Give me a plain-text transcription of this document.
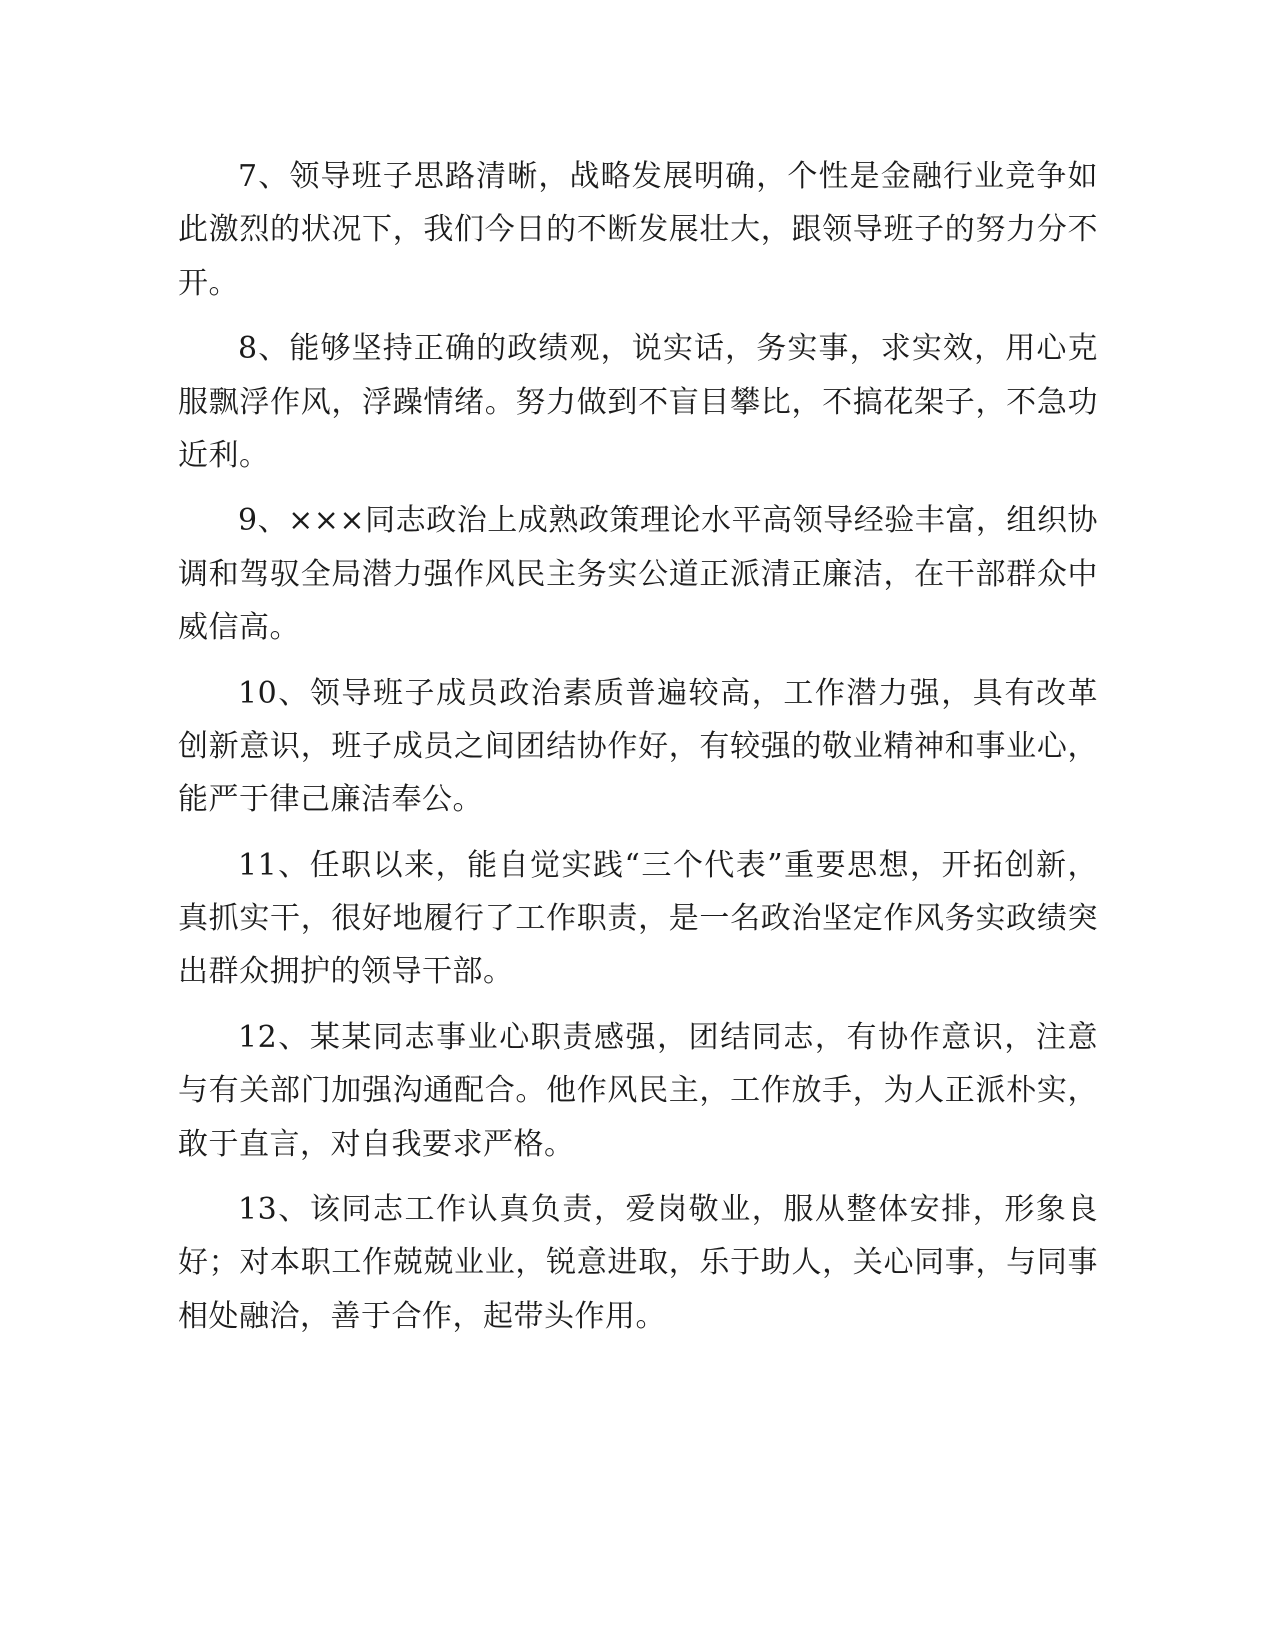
7、领导班子思路清晰，战略发展明确，个性是金融行业竞争如此激烈的状况下，我们今日的不断发展壮大，跟领导班子的努力分不开。

8、能够坚持正确的政绩观，说实话，务实事，求实效，用心克服飘浮作风，浮躁情绪。努力做到不盲目攀比，不搞花架子，不急功近利。

9、×××同志政治上成熟政策理论水平高领导经验丰富，组织协调和驾驭全局潜力强作风民主务实公道正派清正廉洁，在干部群众中威信高。

10、领导班子成员政治素质普遍较高，工作潜力强，具有改革创新意识，班子成员之间团结协作好，有较强的敬业精神和事业心，能严于律己廉洁奉公。

11、任职以来，能自觉实践“三个代表”重要思想，开拓创新，真抓实干，很好地履行了工作职责，是一名政治坚定作风务实政绩突出群众拥护的领导干部。

12、某某同志事业心职责感强，团结同志，有协作意识，注意与有关部门加强沟通配合。他作风民主，工作放手，为人正派朴实，敢于直言，对自我要求严格。

13、该同志工作认真负责，爱岗敬业，服从整体安排，形象良好；对本职工作兢兢业业，锐意进取，乐于助人，关心同事，与同事相处融洽，善于合作，起带头作用。
